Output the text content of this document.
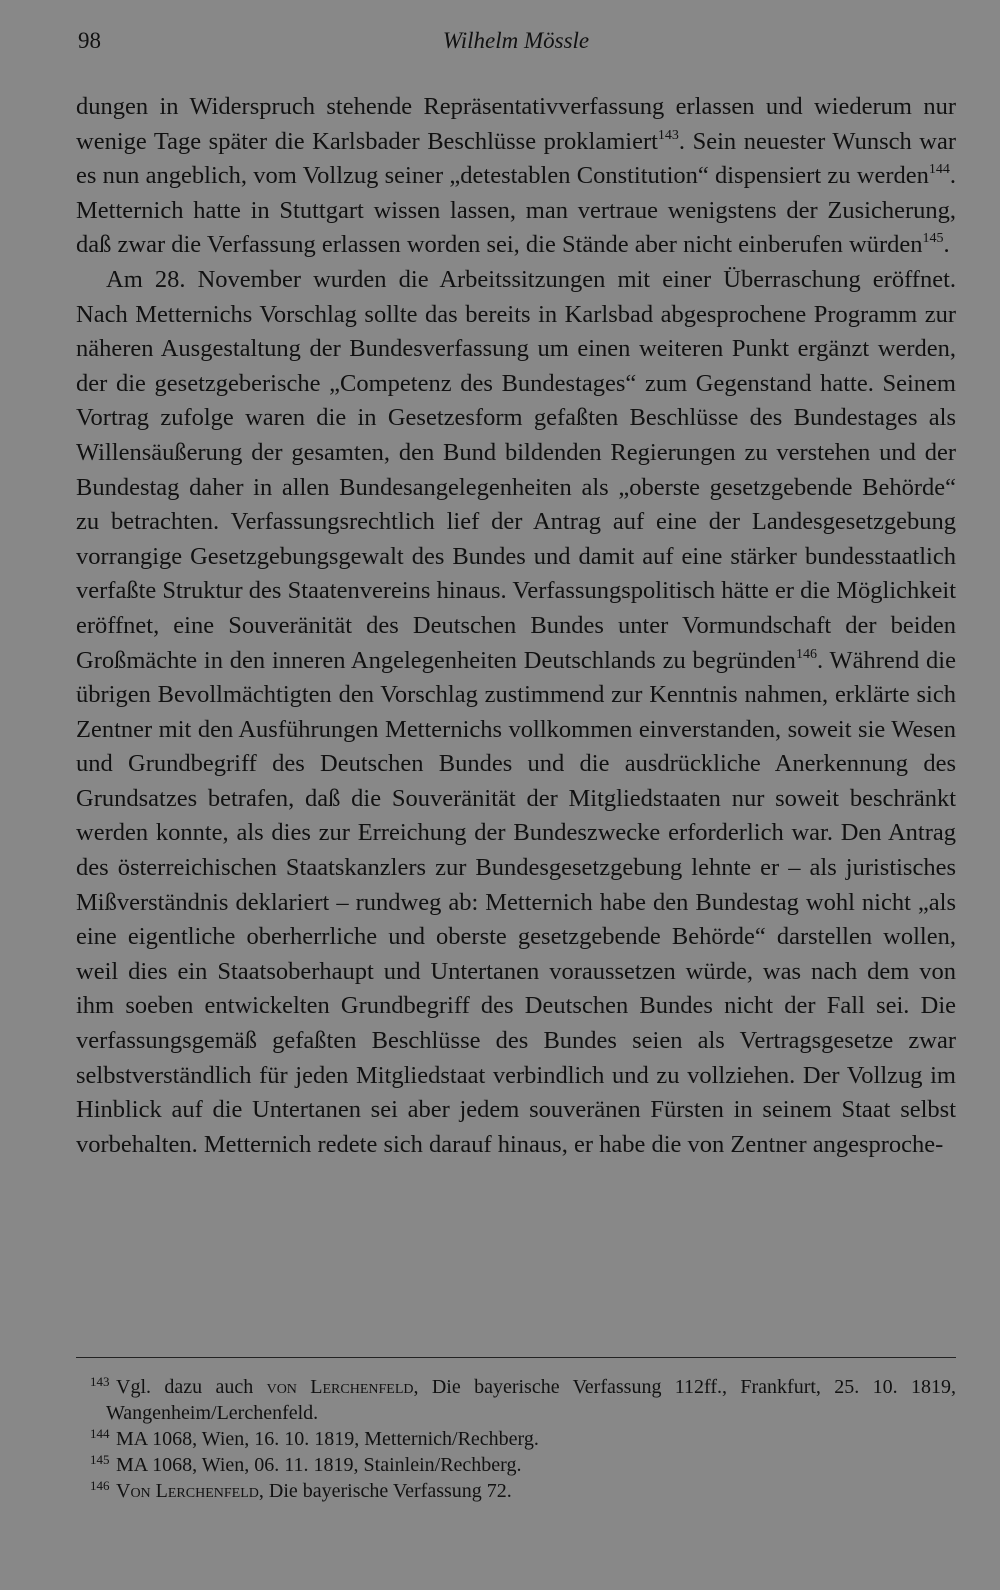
98	Wilhelm Mössle

dungen in Widerspruch stehende Repräsentativverfassung erlassen und wiederum nur wenige Tage später die Karlsbader Beschlüsse proklamiert$^{143}$. Sein neuester Wunsch war es nun angeblich, vom Vollzug seiner „detestablen Constitution“ dispensiert zu werden$^{144}$. Metternich hatte in Stuttgart wissen lassen, man vertraue wenigstens der Zusicherung, daß zwar die Verfassung erlassen worden sei, die Stände aber nicht einberufen würden$^{145}$.

Am 28. November wurden die Arbeitssitzungen mit einer Überraschung eröffnet. Nach Metternichs Vorschlag sollte das bereits in Karlsbad abgesprochene Programm zur näheren Ausgestaltung der Bundesverfassung um einen weiteren Punkt ergänzt werden, der die gesetzgeberische „Competenz des Bundestages“ zum Gegenstand hatte. Seinem Vortrag zufolge waren die in Gesetzesform gefaßten Beschlüsse des Bundestages als Willensäußerung der gesamten, den Bund bildenden Regierungen zu verstehen und der Bundestag daher in allen Bundesangelegenheiten als „oberste gesetzgebende Behörde“ zu betrachten. Verfassungsrechtlich lief der Antrag auf eine der Landesgesetzgebung vorrangige Gesetzgebungsgewalt des Bundes und damit auf eine stärker bundesstaatlich verfaßte Struktur des Staatenvereins hinaus. Verfassungspolitisch hätte er die Möglichkeit eröffnet, eine Souveränität des Deutschen Bundes unter Vormundschaft der beiden Großmächte in den inneren Angelegenheiten Deutschlands zu begründen$^{146}$. Während die übrigen Bevollmächtigten den Vorschlag zustimmend zur Kenntnis nahmen, erklärte sich Zentner mit den Ausführungen Metternichs vollkommen einverstanden, soweit sie Wesen und Grundbegriff des Deutschen Bundes und die ausdrückliche Anerkennung des Grundsatzes betrafen, daß die Souveränität der Mitgliedstaaten nur soweit beschränkt werden konnte, als dies zur Erreichung der Bundeszwecke erforderlich war. Den Antrag des österreichischen Staatskanzlers zur Bundesgesetzgebung lehnte er – als juristisches Mißverständnis deklariert – rundweg ab: Metternich habe den Bundestag wohl nicht „als eine eigentliche oberherrliche und oberste gesetzgebende Behörde“ darstellen wollen, weil dies ein Staatsoberhaupt und Untertanen voraussetzen würde, was nach dem von ihm soeben entwickelten Grundbegriff des Deutschen Bundes nicht der Fall sei. Die verfassungsgemäß gefaßten Beschlüsse des Bundes seien als Vertragsgesetze zwar selbstverständlich für jeden Mitgliedstaat verbindlich und zu vollziehen. Der Vollzug im Hinblick auf die Untertanen sei aber jedem souveränen Fürsten in seinem Staat selbst vorbehalten. Metternich redete sich darauf hinaus, er habe die von Zentner angesproche-

143 Vgl. dazu auch von Lerchenfeld, Die bayerische Verfassung 112ff., Frankfurt, 25. 10. 1819, Wangenheim/Lerchenfeld.

144 MA 1068, Wien, 16. 10. 1819, Metternich/Rechberg.

145 MA 1068, Wien, 06. 11. 1819, Stainlein/Rechberg.

146 Von Lerchenfeld, Die bayerische Verfassung 72.
